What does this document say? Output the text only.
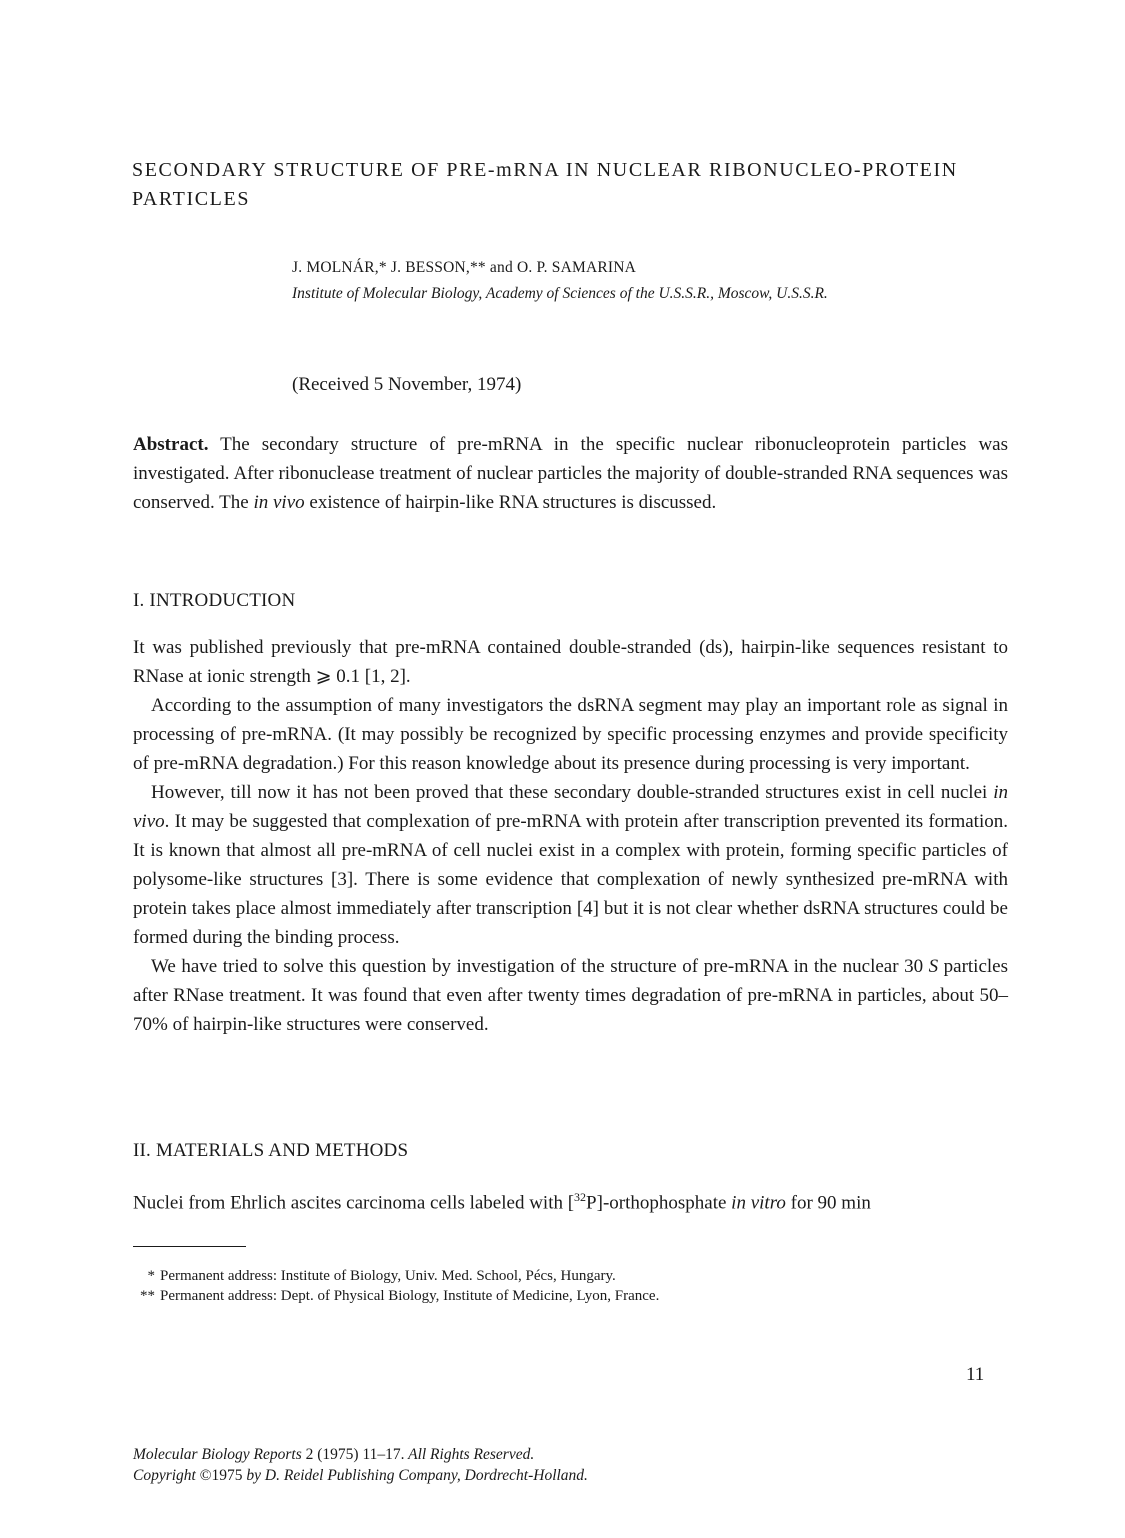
SECONDARY STRUCTURE OF PRE-mRNA IN NUCLEAR RIBONUCLEO-PROTEIN PARTICLES
J. MOLNÁR,* J. BESSON,** and O. P. SAMARINA
Institute of Molecular Biology, Academy of Sciences of the U.S.S.R., Moscow, U.S.S.R.
(Received 5 November, 1974)

Abstract. The secondary structure of pre-mRNA in the specific nuclear ribonucleoprotein particles was investigated. After ribonuclease treatment of nuclear particles the majority of double-stranded RNA sequences was conserved. The in vivo existence of hairpin-like RNA structures is discussed.

I. INTRODUCTION

It was published previously that pre-mRNA contained double-stranded (ds), hairpin-like sequences resistant to RNase at ionic strength ⩾ 0.1 [1, 2].

According to the assumption of many investigators the dsRNA segment may play an important role as signal in processing of pre-mRNA. (It may possibly be recognized by specific processing enzymes and provide specificity of pre-mRNA degradation.) For this reason knowledge about its presence during processing is very important.

However, till now it has not been proved that these secondary double-stranded structures exist in cell nuclei in vivo. It may be suggested that complexation of pre-mRNA with protein after transcription prevented its formation. It is known that almost all pre-mRNA of cell nuclei exist in a complex with protein, forming specific particles of polysome-like structures [3]. There is some evidence that complexation of newly synthesized pre-mRNA with protein takes place almost immediately after transcription [4] but it is not clear whether dsRNA structures could be formed during the binding process.

We have tried to solve this question by investigation of the structure of pre-mRNA in the nuclear 30 S particles after RNase treatment. It was found that even after twenty times degradation of pre-mRNA in particles, about 50–70% of hairpin-like structures were conserved.

II. MATERIALS AND METHODS

Nuclei from Ehrlich ascites carcinoma cells labeled with [$^{32}$P]-orthophosphate in vitro for 90 min

* Permanent address: Institute of Biology, Univ. Med. School, Pécs, Hungary.
** Permanent address: Dept. of Physical Biology, Institute of Medicine, Lyon, France.
11
Molecular Biology Reports 2 (1975) 11–17. All Rights Reserved.
Copyright ©1975 by D. Reidel Publishing Company, Dordrecht-Holland.
